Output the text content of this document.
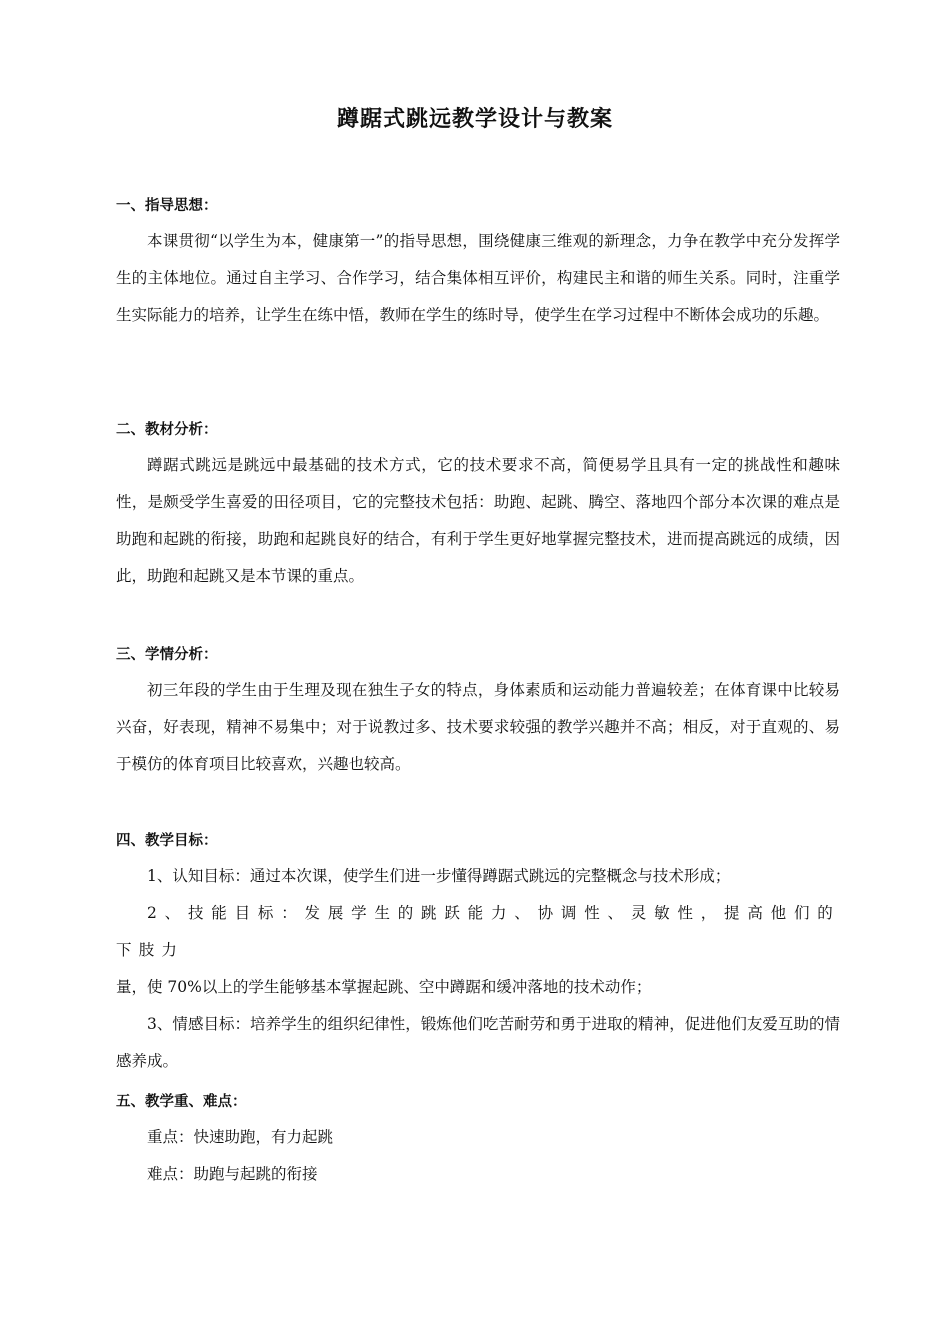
蹲踞式跳远教学设计与教案
一、指导思想：
本课贯彻“以学生为本，健康第一”的指导思想，围绕健康三维观的新理念，力争在教学中充分发挥学生的主体地位。通过自主学习、合作学习，结合集体相互评价，构建民主和谐的师生关系。同时，注重学生实际能力的培养，让学生在练中悟，教师在学生的练时导，使学生在学习过程中不断体会成功的乐趣。
二、教材分析：
蹲踞式跳远是跳远中最基础的技术方式，它的技术要求不高，简便易学且具有一定的挑战性和趣味性，是颇受学生喜爱的田径项目，它的完整技术包括：助跑、起跳、腾空、落地四个部分本次课的难点是助跑和起跳的衔接，助跑和起跳良好的结合，有利于学生更好地掌握完整技术，进而提高跳远的成绩，因此，助跑和起跳又是本节课的重点。
三、学情分析：
初三年段的学生由于生理及现在独生子女的特点，身体素质和运动能力普遍较差；在体育课中比较易兴奋，好表现，精神不易集中；对于说教过多、技术要求较强的教学兴趣并不高；相反，对于直观的、易于模仿的体育项目比较喜欢，兴趣也较高。
四、教学目标：
1、认知目标：通过本次课，使学生们进一步懂得蹲踞式跳远的完整概念与技术形成；
2、技能目标：发展学生的跳跃能力、协调性、灵敏性，提高他们的下肢力
量，使 70%以上的学生能够基本掌握起跳、空中蹲踞和缓冲落地的技术动作；
3、情感目标：培养学生的组织纪律性，锻炼他们吃苦耐劳和勇于进取的精神，促进他们友爱互助的情感养成。
五、教学重、难点：
重点：快速助跑，有力起跳
难点：助跑与起跳的衔接
